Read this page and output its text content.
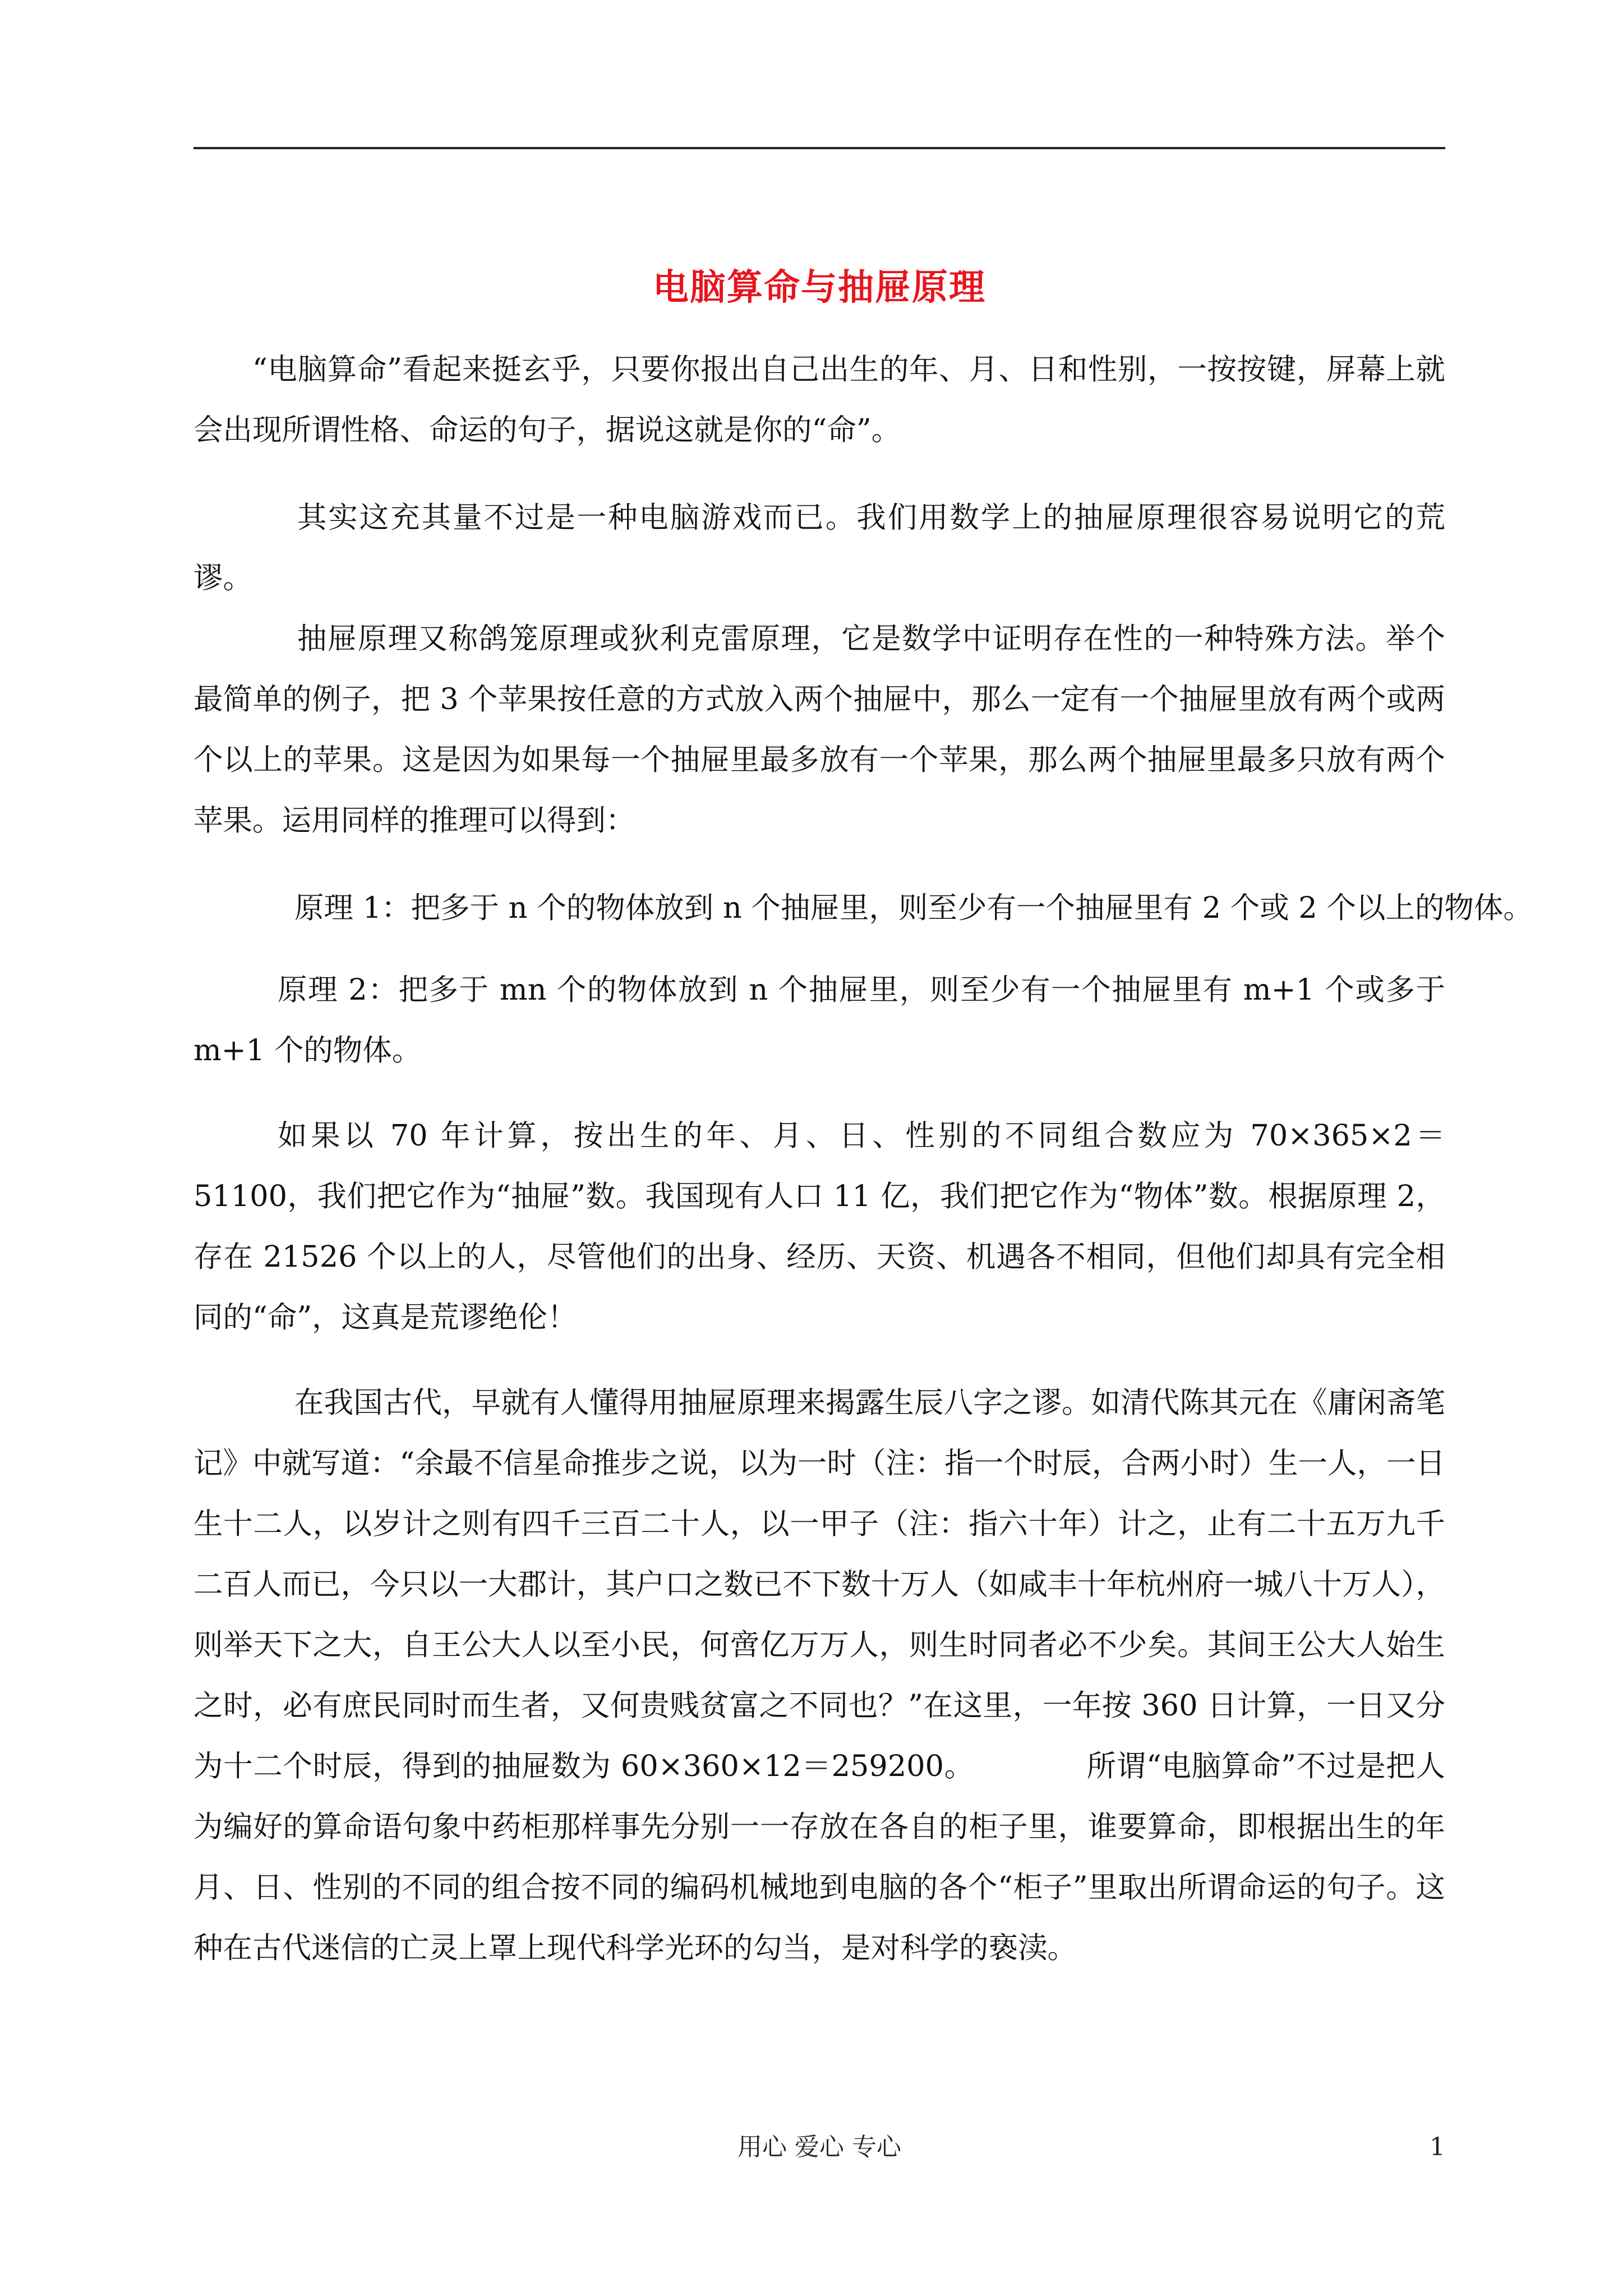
电脑算命与抽屉原理

“电脑算命”看起来挺玄乎，只要你报出自己出生的年、月、日和性别，一按按键，屏幕上就会出现所谓性格、命运的句子，据说这就是你的“命”。

其实这充其量不过是一种电脑游戏而已。我们用数学上的抽屉原理很容易说明它的荒谬。

抽屉原理又称鸽笼原理或狄利克雷原理，它是数学中证明存在性的一种特殊方法。举个最简单的例子，把 3 个苹果按任意的方式放入两个抽屉中，那么一定有一个抽屉里放有两个或两个以上的苹果。这是因为如果每一个抽屉里最多放有一个苹果，那么两个抽屉里最多只放有两个苹果。运用同样的推理可以得到：

原理 1：把多于 n 个的物体放到 n 个抽屉里，则至少有一个抽屉里有 2 个或 2 个以上的物体。

原理 2：把多于 mn 个的物体放到 n 个抽屉里，则至少有一个抽屉里有 m+1 个或多于 m+1 个的物体。

如果以 70 年计算，按出生的年、月、日、性别的不同组合数应为 70×365×2＝51100，我们把它作为“抽屉”数。我国现有人口 11 亿，我们把它作为“物体”数。根据原理 2，存在 21526 个以上的人，尽管他们的出身、经历、天资、机遇各不相同，但他们却具有完全相同的“命”，这真是荒谬绝伦！

在我国古代，早就有人懂得用抽屉原理来揭露生辰八字之谬。如清代陈其元在《庸闲斋笔记》中就写道：“余最不信星命推步之说，以为一时（注：指一个时辰，合两小时）生一人，一日生十二人，以岁计之则有四千三百二十人，以一甲子（注：指六十年）计之，止有二十五万九千二百人而已，今只以一大郡计，其户口之数已不下数十万人（如咸丰十年杭州府一城八十万人），则举天下之大，自王公大人以至小民，何啻亿万万人，则生时同者必不少矣。其间王公大人始生之时，必有庶民同时而生者，又何贵贱贫富之不同也？”在这里，一年按 360 日计算，一日又分为十二个时辰，得到的抽屉数为 60×360×12＝259200。	所谓“电脑算命”不过是把人为编好的算命语句象中药柜那样事先分别一一存放在各自的柜子里，谁要算命，即根据出生的年月、日、性别的不同的组合按不同的编码机械地到电脑的各个“柜子”里取出所谓命运的句子。这种在古代迷信的亡灵上罩上现代科学光环的勾当，是对科学的亵渎。

用心 爱心 专心	1
